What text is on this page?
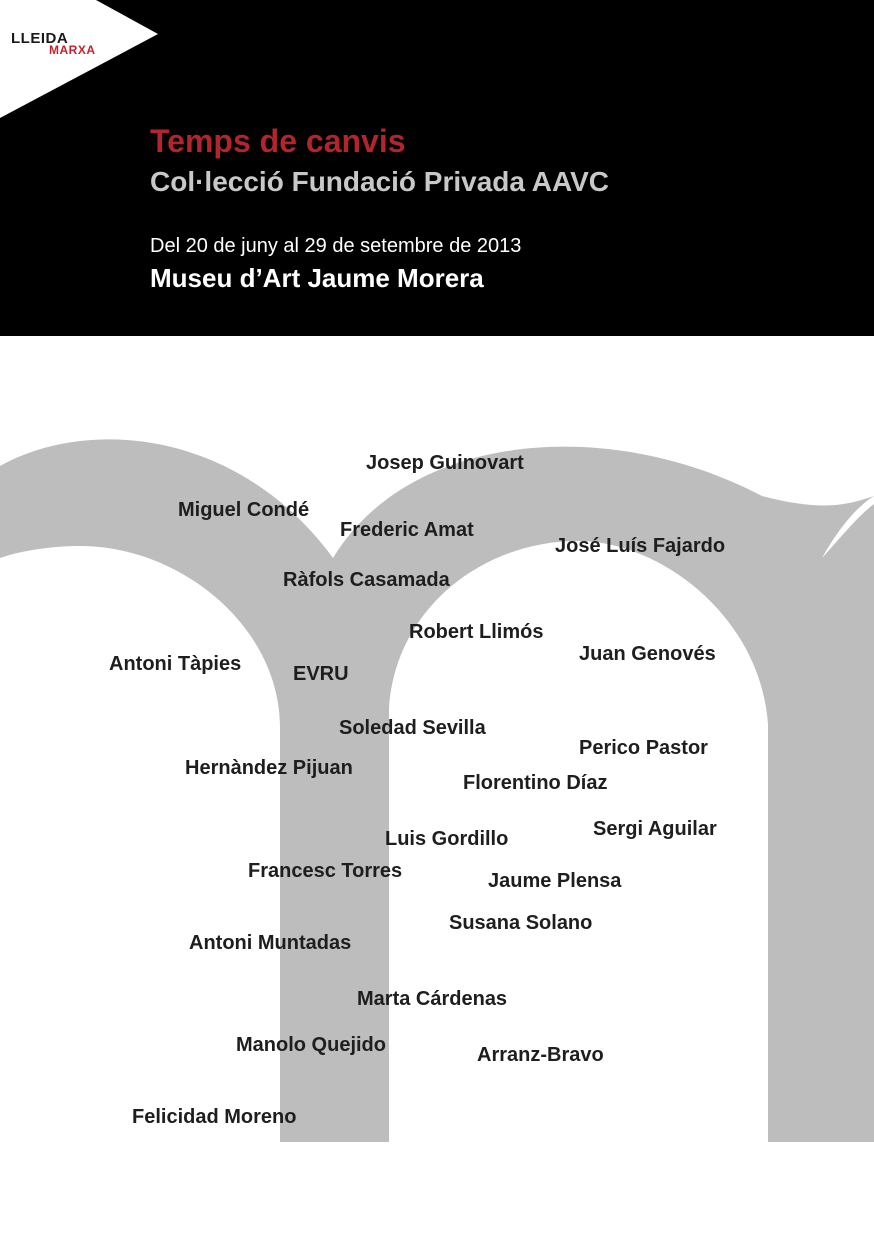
LLEIDA
MARXA
Temps de canvis
Col·lecció Fundació Privada AAVC
Del 20 de juny al 29 de setembre de 2013
Museu d’Art Jaume Morera
Josep Guinovart
Miguel Condé
Frederic Amat
José Luís Fajardo
Ràfols Casamada
Robert Llimós
Antoni Tàpies	EVRU
Juan Genovés
Soledad Sevilla
Perico Pastor
Hernàndez Pijuan
Florentino Díaz
Sergi Aguilar
Luis Gordillo
Francesc Torres	Jaume Plensa
Susana Solano
Antoni Muntadas
Marta Cárdenas
Manolo Quejido	Arranz-Bravo
Felicidad Moreno
